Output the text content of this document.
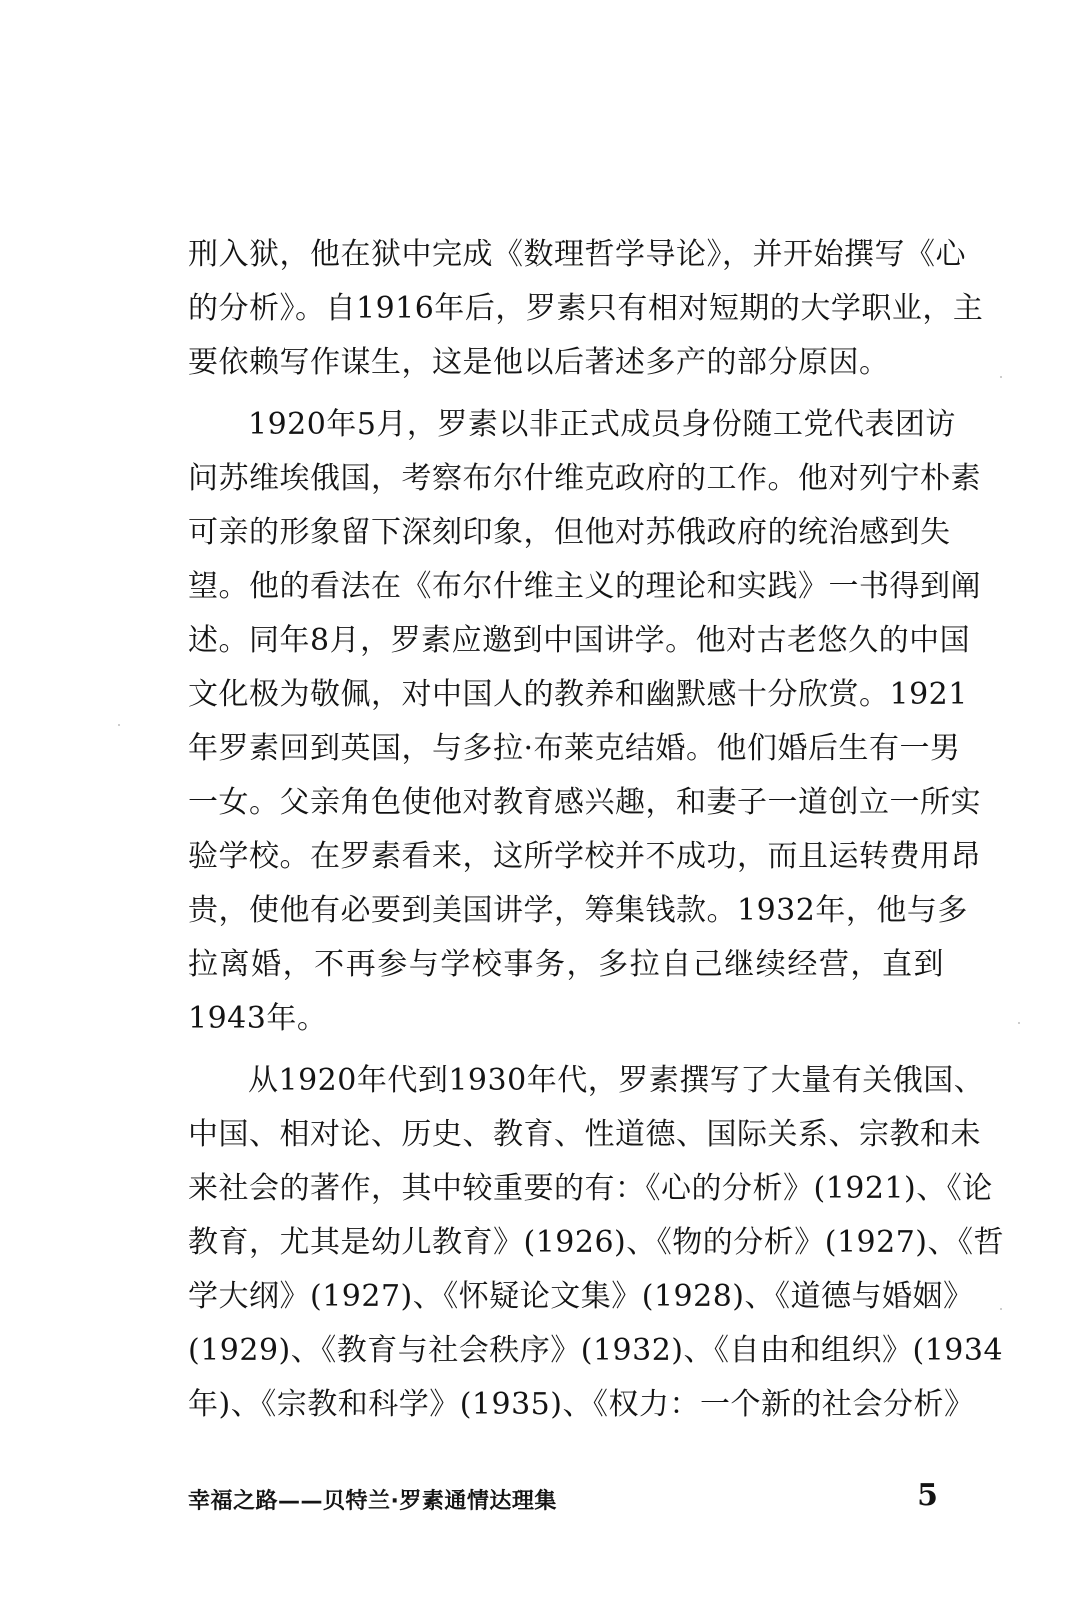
刑入狱，他在狱中完成《数理哲学导论》，并开始撰写《心
的分析》。自1916年后，罗素只有相对短期的大学职业，主
要依赖写作谋生，这是他以后著述多产的部分原因。
1920年5月，罗素以非正式成员身份随工党代表团访
问苏维埃俄国，考察布尔什维克政府的工作。他对列宁朴素
可亲的形象留下深刻印象，但他对苏俄政府的统治感到失
望。他的看法在《布尔什维主义的理论和实践》一书得到阐
述。同年8月，罗素应邀到中国讲学。他对古老悠久的中国
文化极为敬佩，对中国人的教养和幽默感十分欣赏。1921
年罗素回到英国，与多拉·布莱克结婚。他们婚后生有一男
一女。父亲角色使他对教育感兴趣，和妻子一道创立一所实
验学校。在罗素看来，这所学校并不成功，而且运转费用昂
贵，使他有必要到美国讲学，筹集钱款。1932年，他与多
拉离婚，不再参与学校事务，多拉自己继续经营，直到
1943年。
从1920年代到1930年代，罗素撰写了大量有关俄国、
中国、相对论、历史、教育、性道德、国际关系、宗教和未
来社会的著作，其中较重要的有：《心的分析》(1921)、《论
教育，尤其是幼儿教育》(1926)、《物的分析》(1927)、《哲
学大纲》(1927)、《怀疑论文集》(1928)、《道德与婚姻》
(1929)、《教育与社会秩序》(1932)、《自由和组织》(1934
年)、《宗教和科学》(1935)、《权力：一个新的社会分析》
幸福之路——贝特兰·罗素通情达理集	5
